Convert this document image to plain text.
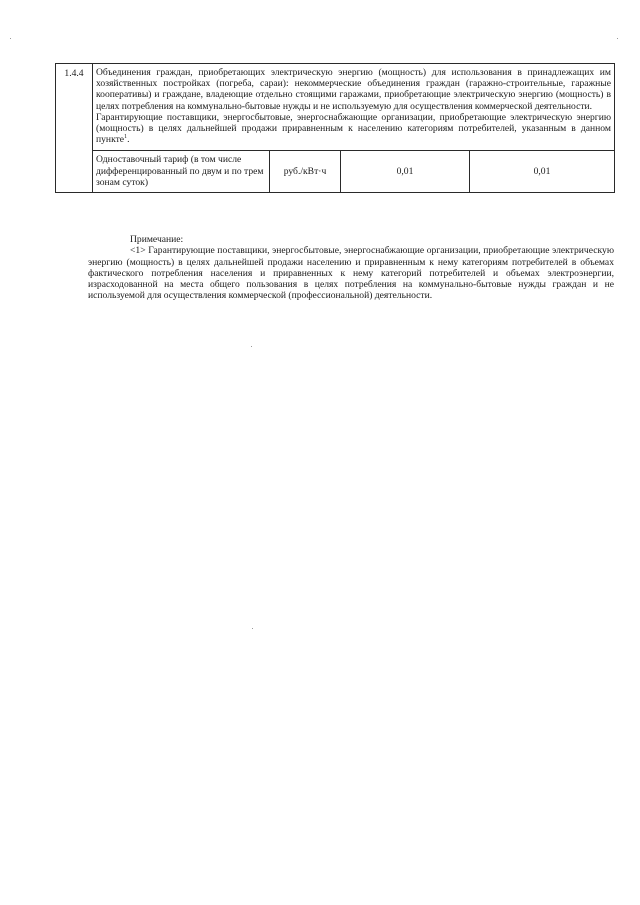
1.4.4	Объединения граждан, приобретающих электрическую энергию (мощность) для использования в принадлежащих им хозяйственных постройках (погреба, сараи): некоммерческие объединения граждан (гаражно-строительные, гаражные кооперативы) и граждане, владеющие отдельно стоящими гаражами, приобретающие электрическую энергию (мощность) в целях потребления на коммунально-бытовые нужды и не используемую для осуществления коммерческой деятельности.

Гарантирующие поставщики, энергосбытовые, энергоснабжающие организации, приобретающие электрическую энергию (мощность) в целях дальнейшей продажи приравненным к населению категориям потребителей, указанным в данном пункте$^1$.			

	Одноставочный тариф (в том числе дифференцированный по двум и по трем зонам суток)	руб./кВт·ч	0,01	0,01

Примечание:

<1> Гарантирующие поставщики, энергосбытовые, энергоснабжающие организации, приобретающие электрическую энергию (мощность) в целях дальнейшей продажи населению и приравненным к нему категориям потребителей в объемах фактического потребления населения и приравненных к нему категорий потребителей и объемах электроэнергии, израсходованной на места общего пользования в целях потребления на коммунально-бытовые нужды граждан и не используемой для осуществления коммерческой (профессиональной) деятельности.
